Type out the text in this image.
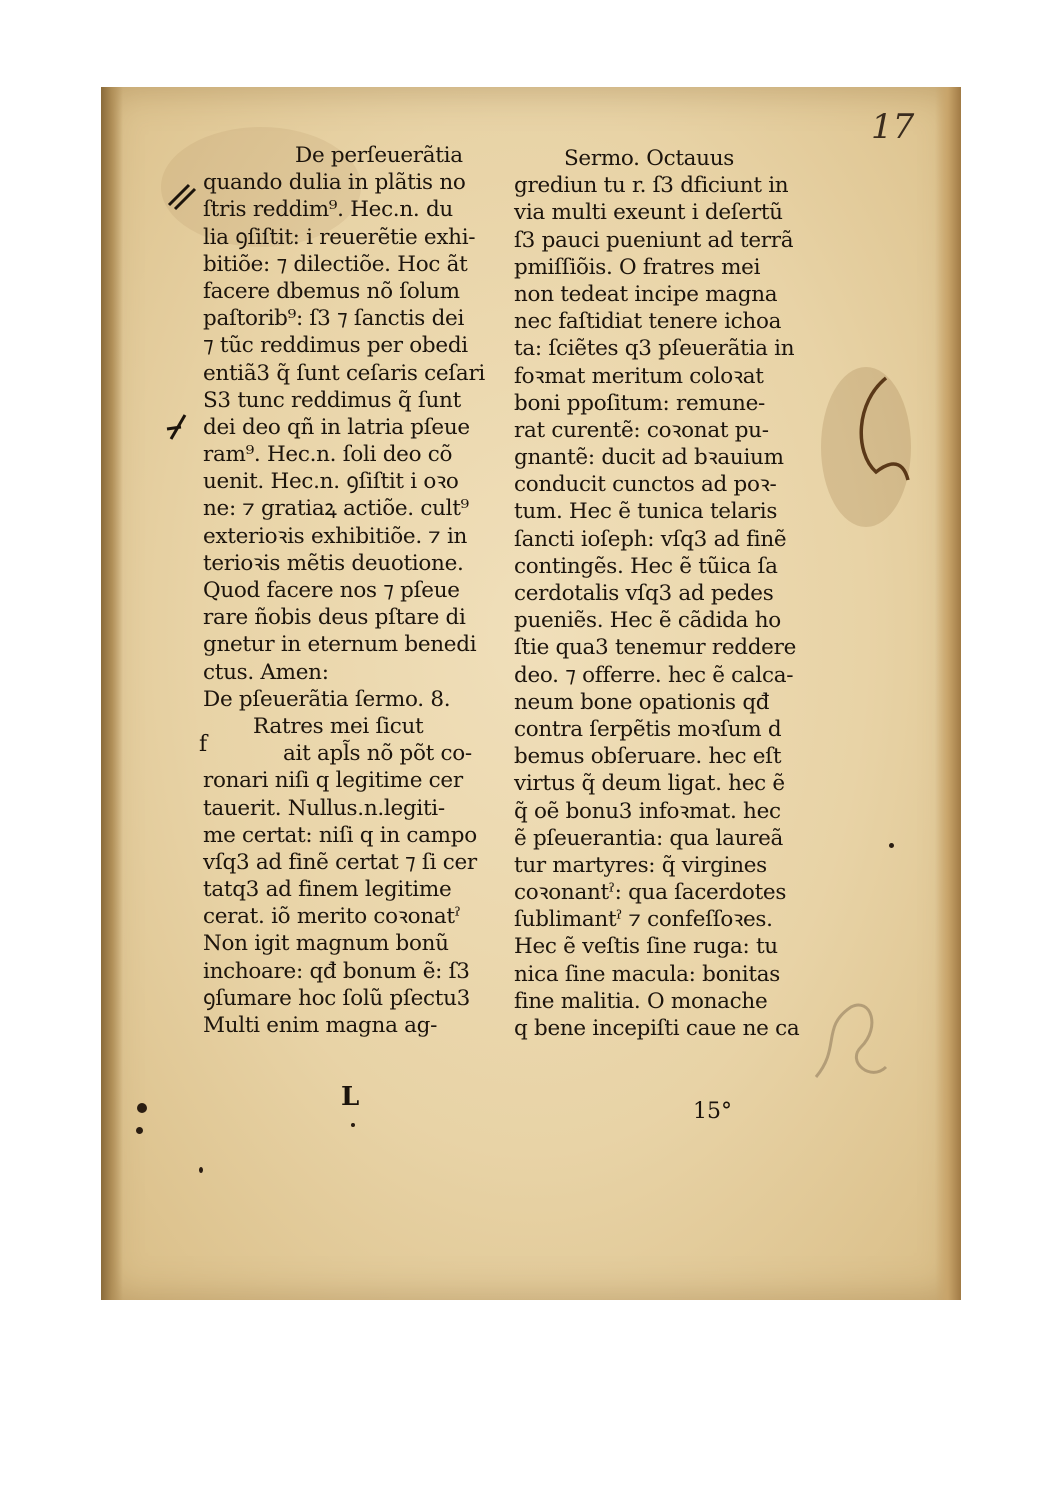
17
De perſeuerãtia
quando dulia in plãtis no
ſtris reddim⁹. Hec.n. du
lia ꝯſiſtit: i reuerẽtie exhi-
bitiõe: ⁊ dilectiõe. Hoc ãt
facere dbemus nõ ſolum
paſtorib⁹: ſ3 ⁊ ſanctis dei
⁊ tũc reddimus per obedi
entiã3 q̃ ſunt ceſaris ceſari
S3 tunc reddimus q̃ ſunt
dei deo qñ in latria pſeue
ram⁹. Hec.n. ſoli deo cõ
uenit. Hec.n. ꝯſiſtit i oꝛo
ne: ⁊ gratiaꝝ actiõe. cult⁹
exterioꝛis exhibitiõe. ⁊ in
terioꝛis mẽtis deuotione.
Quod facere nos ⁊ pſeue
rare ñobis deus pſtare di
gnetur in eternum benedi
ctus. Amen:
De pſeuerãtia ſermo. 8.
Ratres mei ſicut
ait apl̃s nõ põt co-
ronari niſi q legitime cer
tauerit. Nullus.n.legiti-
me certat: niſi q in campo
vſq3 ad finẽ certat ⁊ ſi cer
tatq3 ad finem legitime
cerat. iõ merito coꝛonatˀ
Non igit magnum bonũ
inchoare: qđ bonum ẽ: ſ3
ꝯſumare hoc ſolũ pſectu3
Multi enim magna ag-
f
L
Sermo. Octauus
grediun tu r. ſ3 dficiunt in
via multi exeunt i deſertũ
ſ3 pauci pueniunt ad terrã
pmiſſiõis. O fratres mei
non tedeat incipe magna
nec faſtidiat tenere ichoa
ta: ſciẽtes q3 pſeuerãtia in
foꝛmat meritum coloꝛat
boni ppoſitum: remune-
rat curentẽ: coꝛonat pu-
gnantẽ: ducit ad bꝛauium
conducit cunctos ad poꝛ-
tum. Hec ẽ tunica telaris
ſancti ioſeph: vſq3 ad finẽ
contingẽs. Hec ẽ tũica ſa
cerdotalis vſq3 ad pedes
pueniẽs. Hec ẽ cãdida ho
ſtie qua3 tenemur reddere
deo. ⁊ offerre. hec ẽ calca-
neum bone opationis qđ
contra ſerpẽtis moꝛſum d
bemus obſeruare. hec eſt
virtus q̃ deum ligat. hec ẽ
q̃ oẽ bonu3 infoꝛmat. hec
ẽ pſeuerantia: qua laureã
tur martyres: q̃ virgines
coꝛonantˀ: qua ſacerdotes
ſublimantˀ ⁊ confeſſoꝛes.
Hec ẽ veſtis ſine ruga: tu
nica ſine macula: bonitas
fine malitia. O monache
q bene incepiſti caue ne ca
15°
